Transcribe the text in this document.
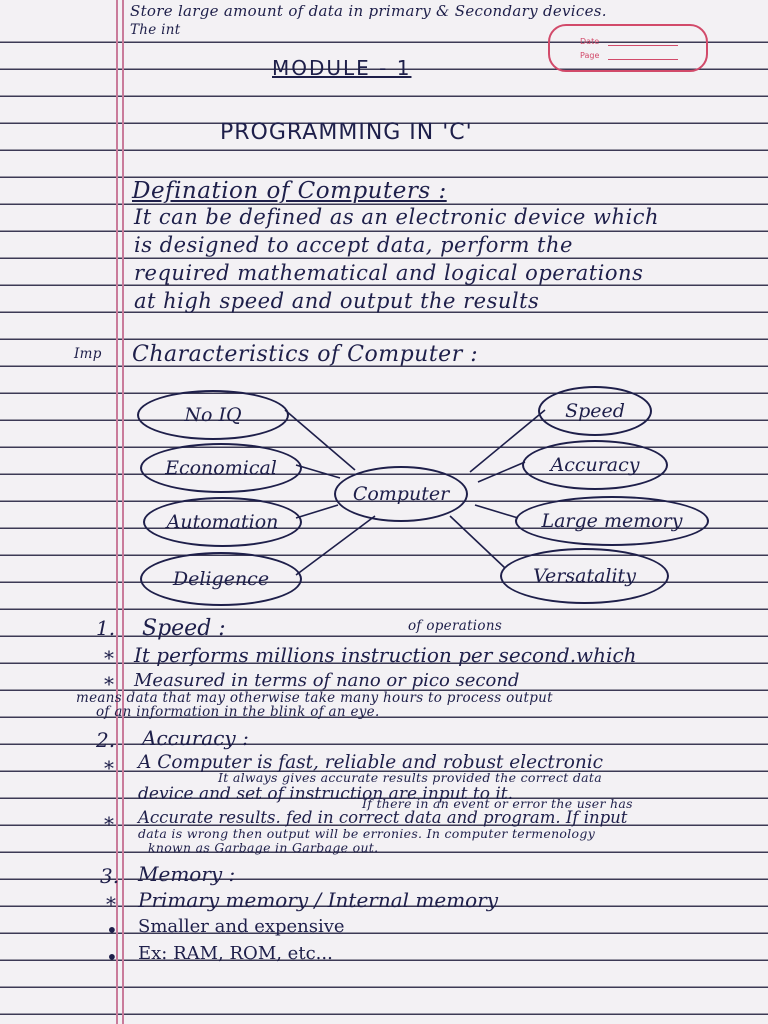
Store large amount of data in primary & Secondary devices.
The int
Date
Page
MODULE - 1
PROGRAMMING IN 'C'
Defination of Computers :
It can be defined as an electronic device which
is designed to accept data, perform the
required mathematical and logical operations
at high speed and output the results
Imp Characteristics of Computer :
Computer
No IQ
Economical
Automation
Deligence
Speed
Accuracy
Large memory
Versatality
1. Speed :	of operations
* It performs millions instruction per second.which
* Measured in terms of nano or pico second
means data that may otherwise take many hours to process output
of an information in the blink of an eye.
2. Accuracy :
* A Computer is fast, reliable and robust electronic
It always gives accurate results provided the correct data
device and set of instruction are input to it.
If there in an event or error the user has
* Accurate results. fed in correct data and program. If input
data is wrong then output will be erronies. In computer termenology
known as Garbage in Garbage out.
3. Memory :
* Primary memory / Internal memory
• Smaller and expensive
• Ex: RAM, ROM, etc...
